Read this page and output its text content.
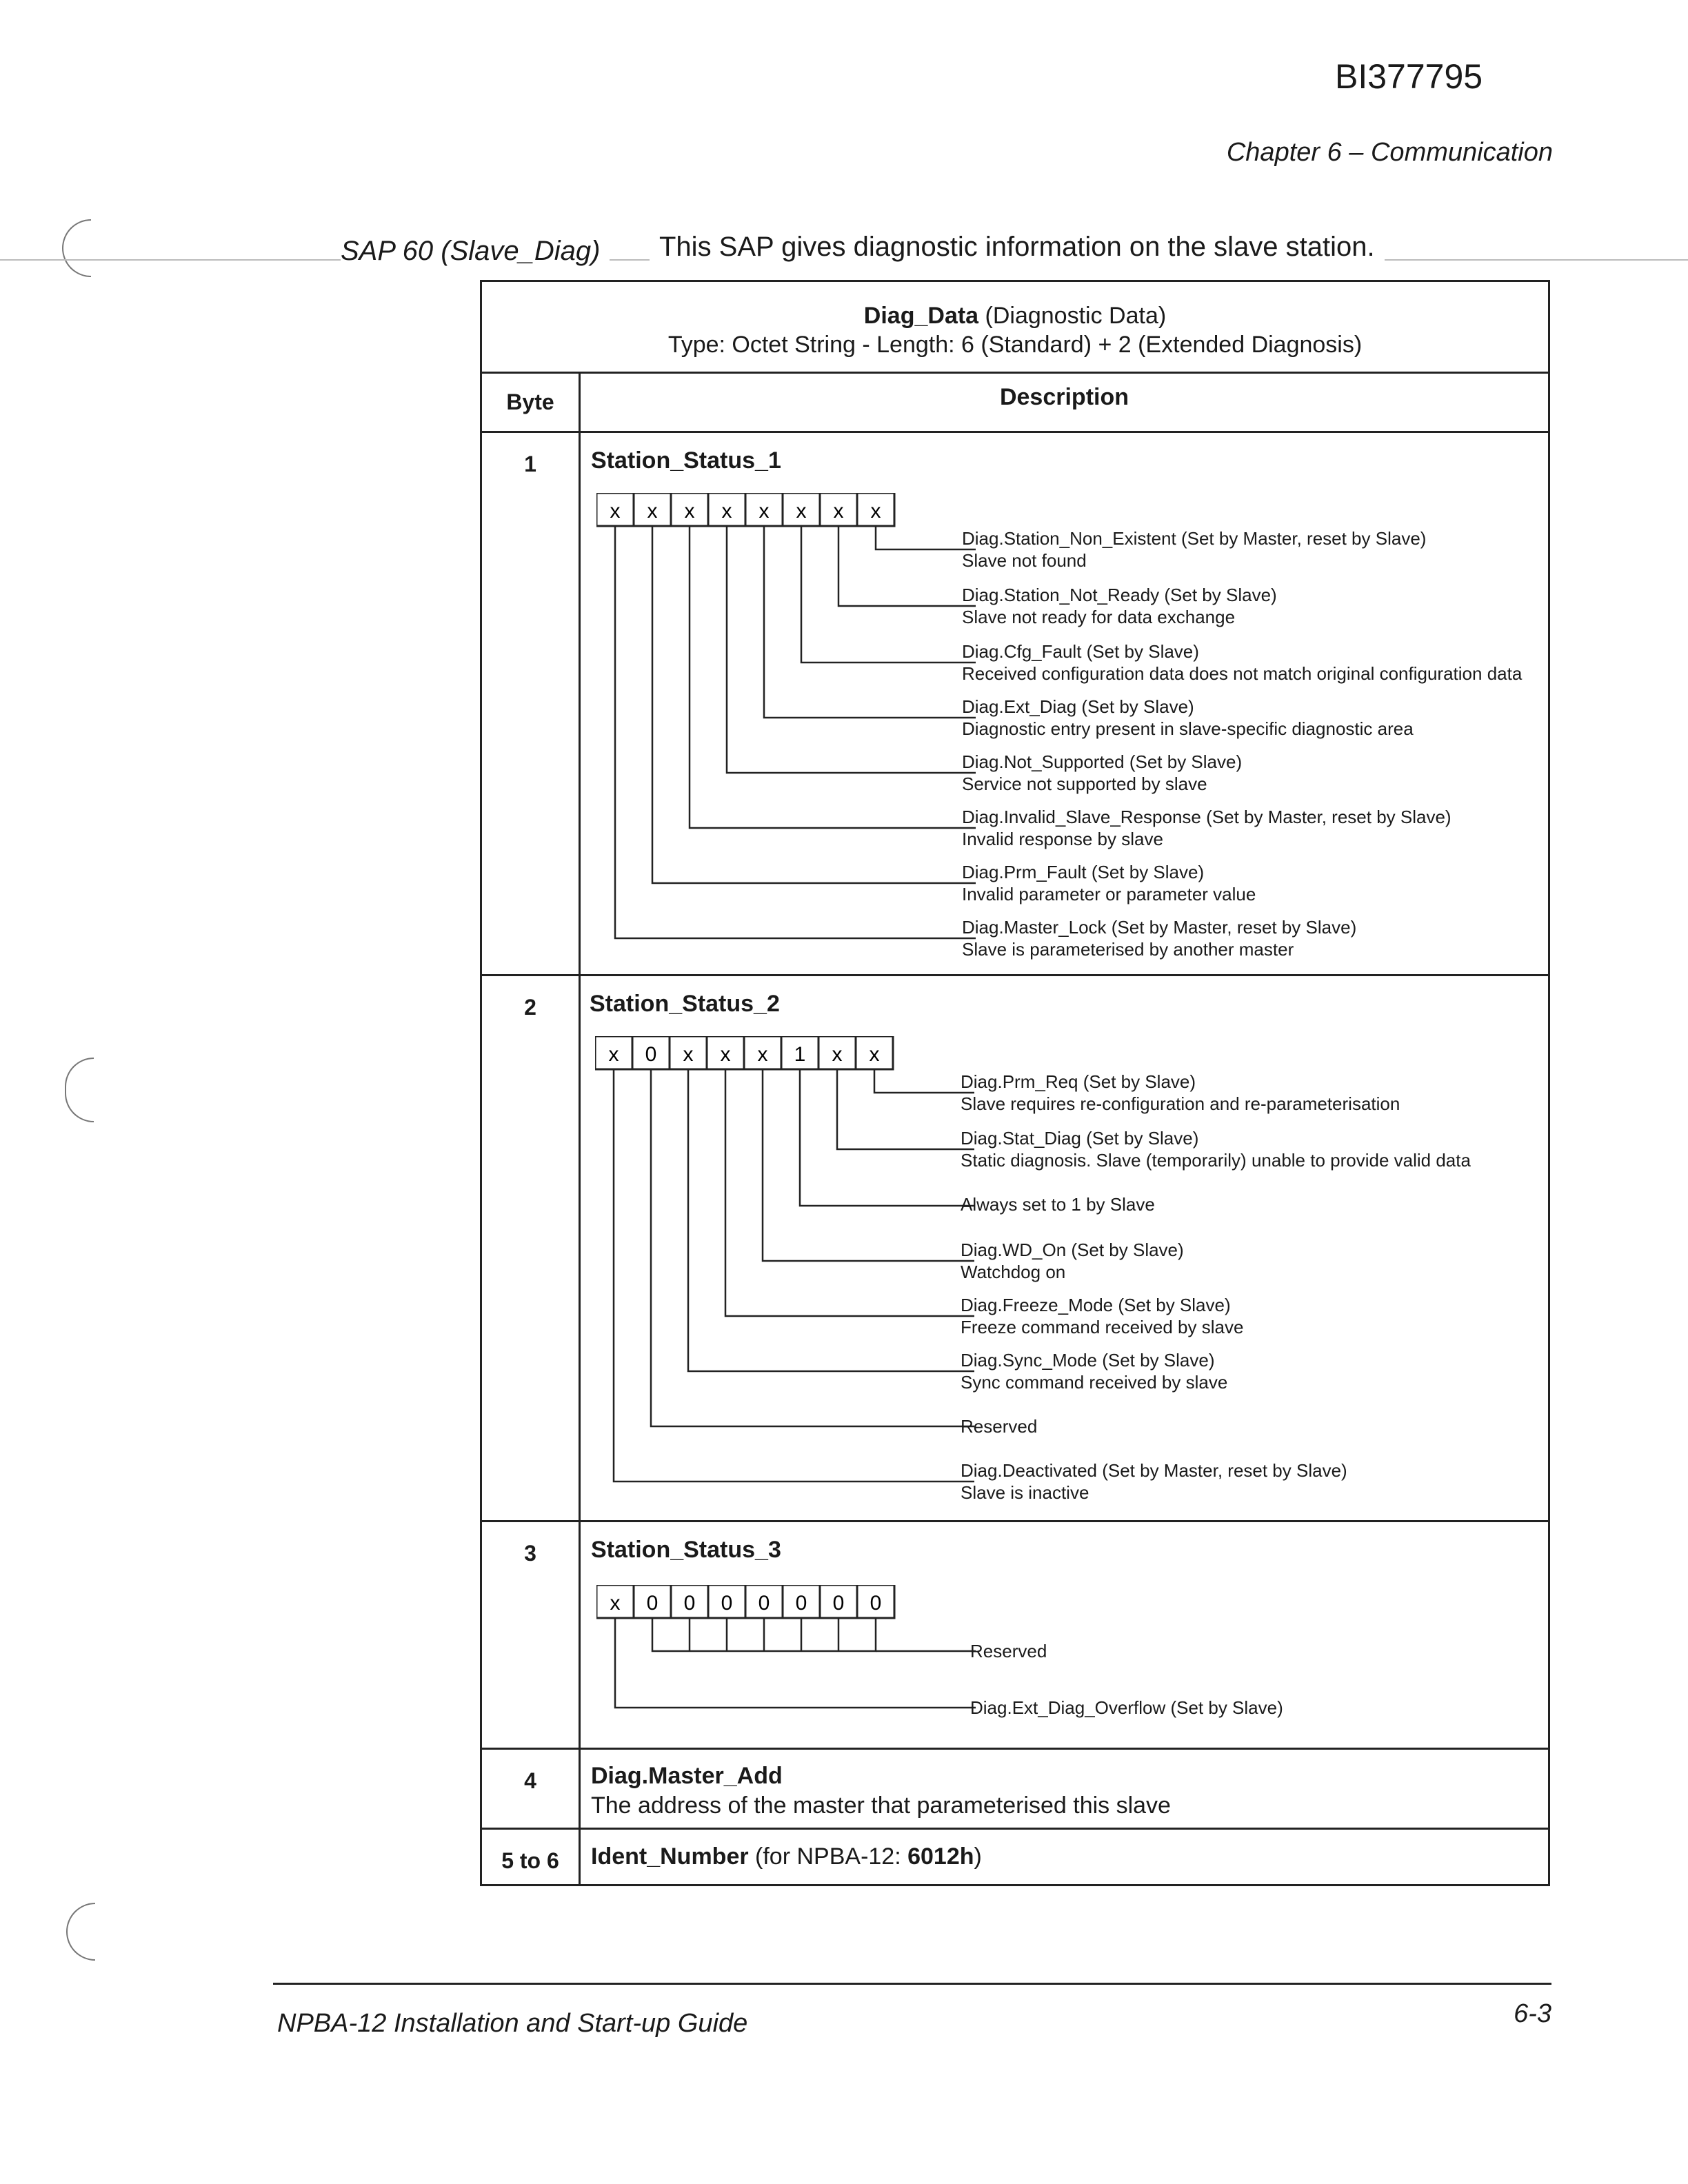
BI377795
Chapter 6 – Communication
SAP 60 (Slave_Diag)	This SAP gives diagnostic information on the slave station.
Diag_Data (Diagnostic Data)
Type: Octet String - Length: 6 (Standard) + 2 (Extended Diagnosis)
Byte	Description
1	Station_Status_1
x x x x x x x x
Diag.Station_Non_Existent (Set by Master, reset by Slave)
Slave not found
Diag.Station_Not_Ready (Set by Slave)
Slave not ready for data exchange
Diag.Cfg_Fault (Set by Slave)
Received configuration data does not match original configuration data
Diag.Ext_Diag (Set by Slave)
Diagnostic entry present in slave-specific diagnostic area
Diag.Not_Supported (Set by Slave)
Service not supported by slave
Diag.Invalid_Slave_Response (Set by Master, reset by Slave)
Invalid response by slave
Diag.Prm_Fault (Set by Slave)
Invalid parameter or parameter value
Diag.Master_Lock (Set by Master, reset by Slave)
Slave is parameterised by another master
2	Station_Status_2
x 0 x x x 1 x x
Diag.Prm_Req (Set by Slave)
Slave requires re-configuration and re-parameterisation
Diag.Stat_Diag (Set by Slave)
Static diagnosis. Slave (temporarily) unable to provide valid data
Always set to 1 by Slave
Diag.WD_On (Set by Slave)
Watchdog on
Diag.Freeze_Mode (Set by Slave)
Freeze command received by slave
Diag.Sync_Mode (Set by Slave)
Sync command received by slave
Reserved
Diag.Deactivated (Set by Master, reset by Slave)
Slave is inactive
3	Station_Status_3
x 0 0 0 0 0 0 0
Reserved
Diag.Ext_Diag_Overflow (Set by Slave)
4	Diag.Master_Add
The address of the master that parameterised this slave
5 to 6	Ident_Number (for NPBA-12: 6012h)
NPBA-12 Installation and Start-up Guide	6-3
